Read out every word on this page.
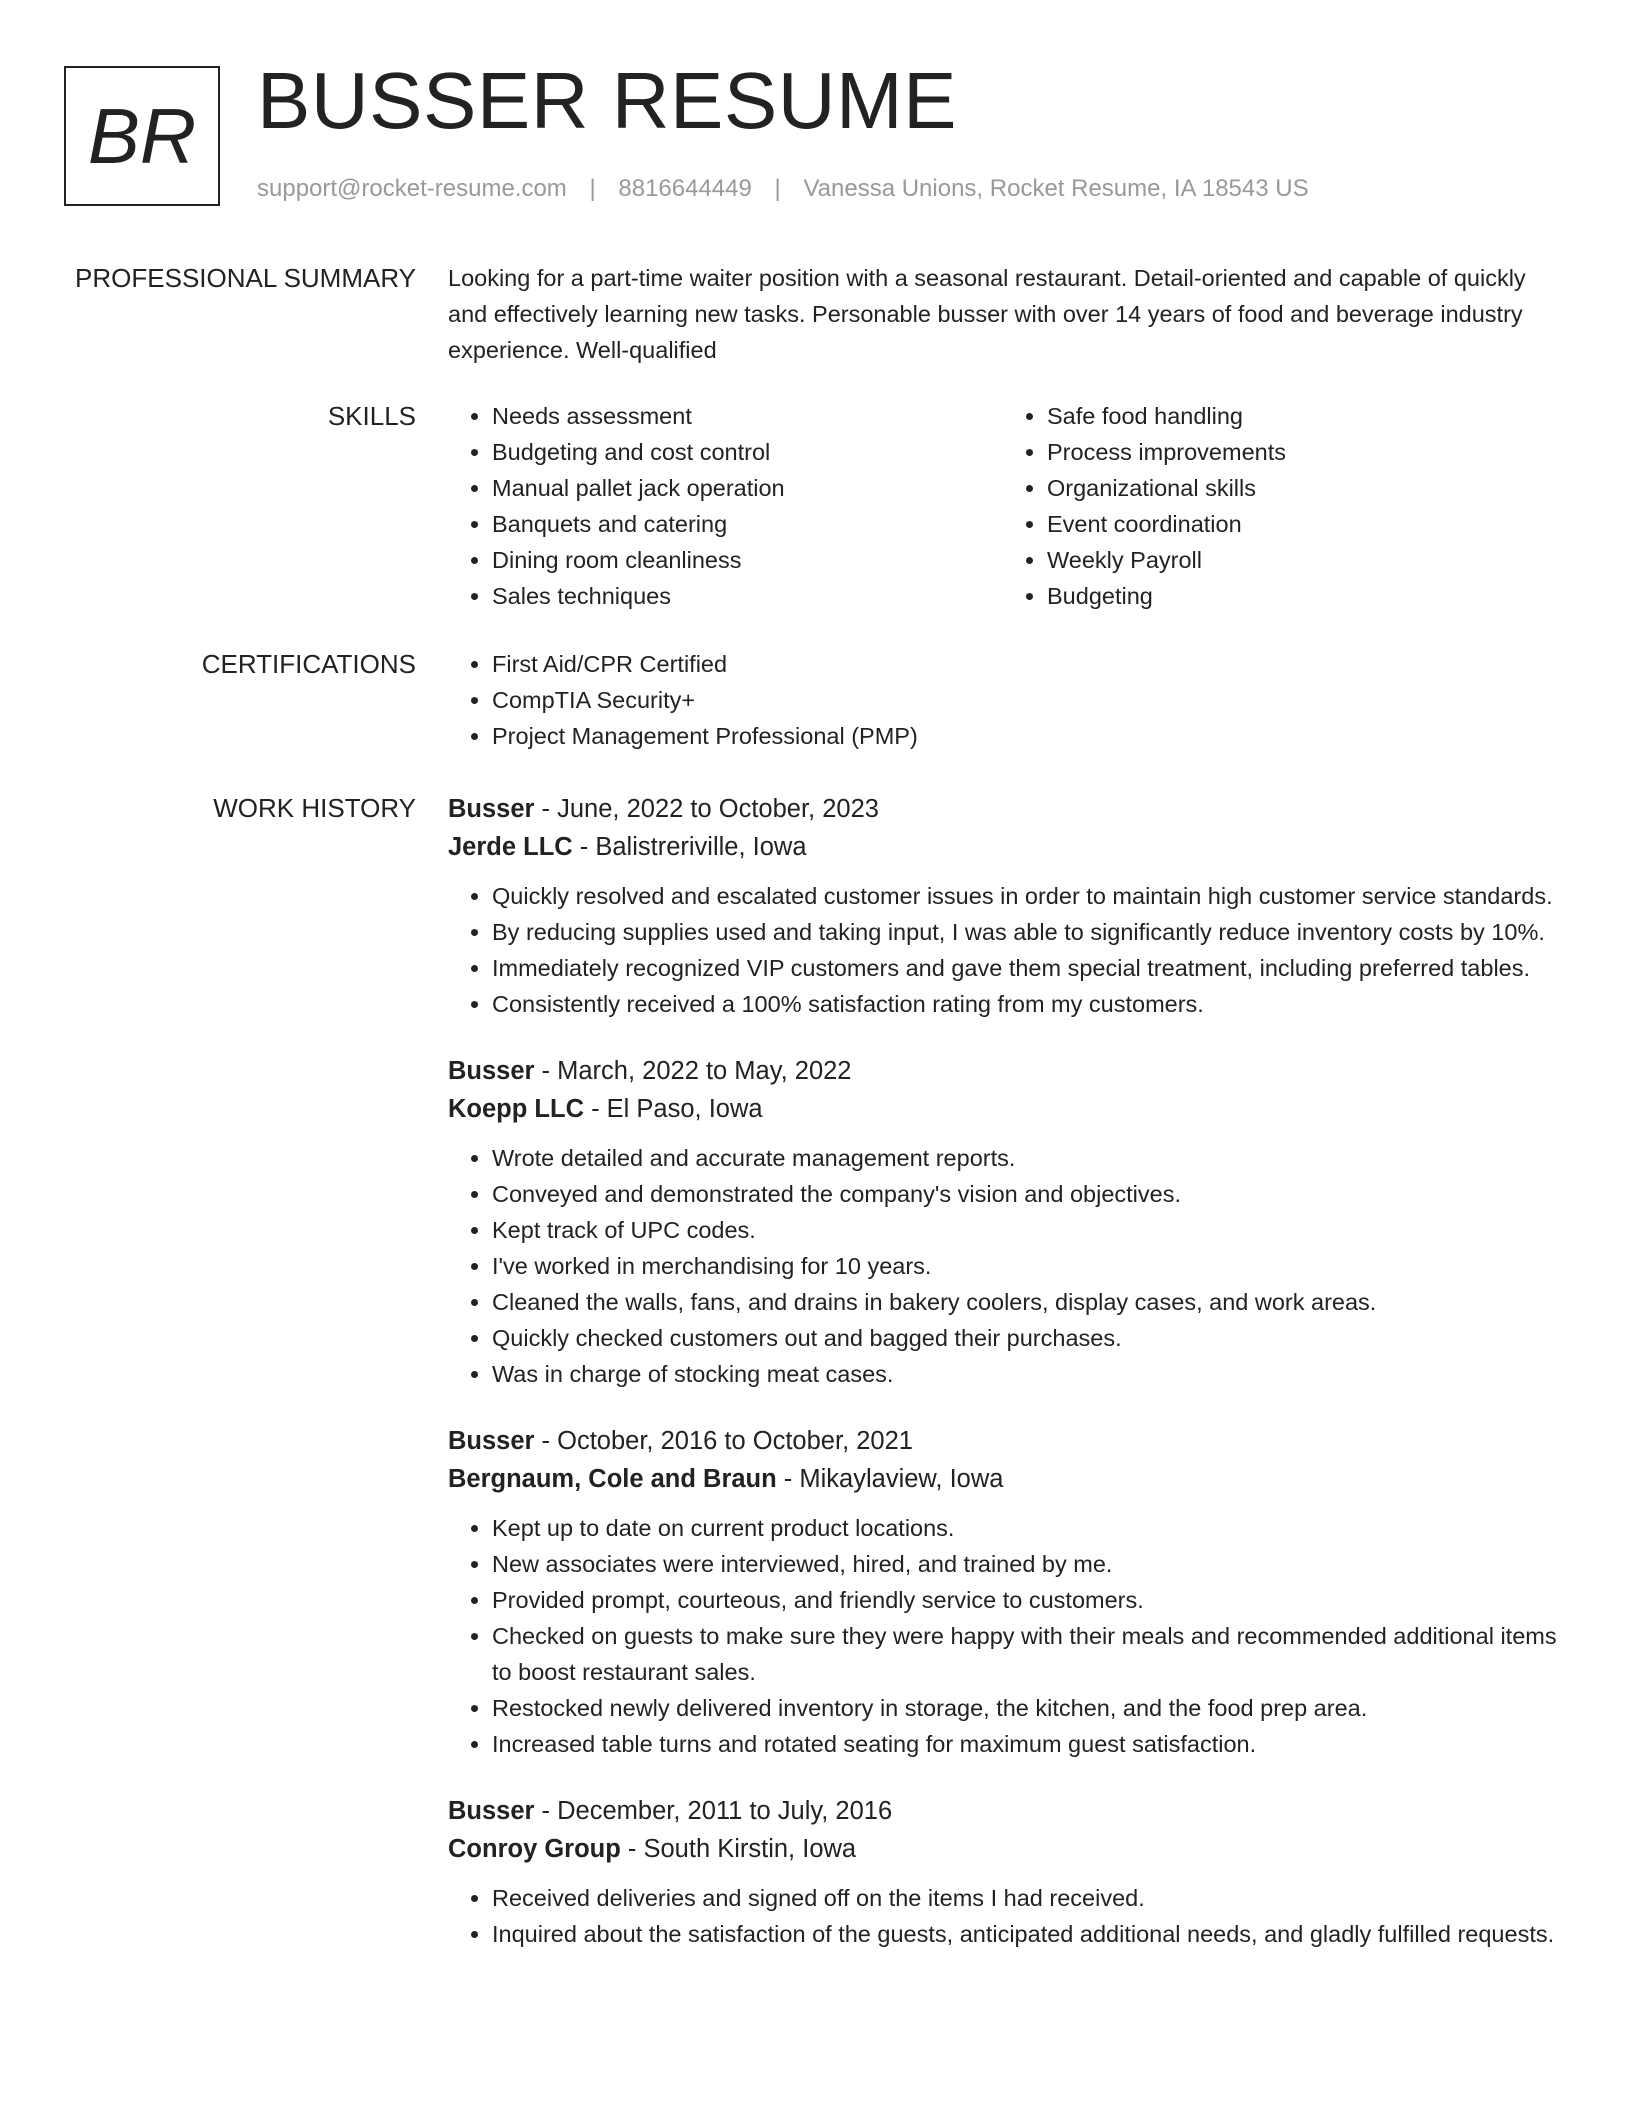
BR BUSSER RESUME
support@rocket-resume.com | 8816644449 | Vanessa Unions, Rocket Resume, IA 18543 US
PROFESSIONAL SUMMARY Looking for a part-time waiter position with a seasonal restaurant. Detail-oriented and capable of quickly and effectively learning new tasks. Personable busser with over 14 years of food and beverage industry experience. Well-qualified

SKILLS	• Needs assessment
• Budgeting and cost control
• Manual pallet jack operation
• Banquets and catering
• Dining room cleanliness
• Sales techniques
• Safe food handling
• Process improvements
• Organizational skills
• Event coordination
• Weekly Payroll
• Budgeting
CERTIFICATIONS	• First Aid/CPR Certified
• CompTIA Security+
• Project Management Professional (PMP)
WORK HISTORY Busser - June, 2022 to October, 2023
Jerde LLC - Balistreriville, Iowa
• Quickly resolved and escalated customer issues in order to maintain high customer service standards.
• By reducing supplies used and taking input, I was able to significantly reduce inventory costs by 10%.
• Immediately recognized VIP customers and gave them special treatment, including preferred tables.
• Consistently received a 100% satisfaction rating from my customers.
Busser - March, 2022 to May, 2022
Koepp LLC - El Paso, Iowa
• Wrote detailed and accurate management reports.
• Conveyed and demonstrated the company's vision and objectives.
• Kept track of UPC codes.
• I've worked in merchandising for 10 years.
• Cleaned the walls, fans, and drains in bakery coolers, display cases, and work areas.
• Quickly checked customers out and bagged their purchases.
• Was in charge of stocking meat cases.
Busser - October, 2016 to October, 2021
Bergnaum, Cole and Braun - Mikaylaview, Iowa
• Kept up to date on current product locations.
• New associates were interviewed, hired, and trained by me.
• Provided prompt, courteous, and friendly service to customers.
• Checked on guests to make sure they were happy with their meals and recommended additional items to boost restaurant sales.
• Restocked newly delivered inventory in storage, the kitchen, and the food prep area.
• Increased table turns and rotated seating for maximum guest satisfaction.
Busser - December, 2011 to July, 2016
Conroy Group - South Kirstin, Iowa
• Received deliveries and signed off on the items I had received.
• Inquired about the satisfaction of the guests, anticipated additional needs, and gladly fulfilled requests.
